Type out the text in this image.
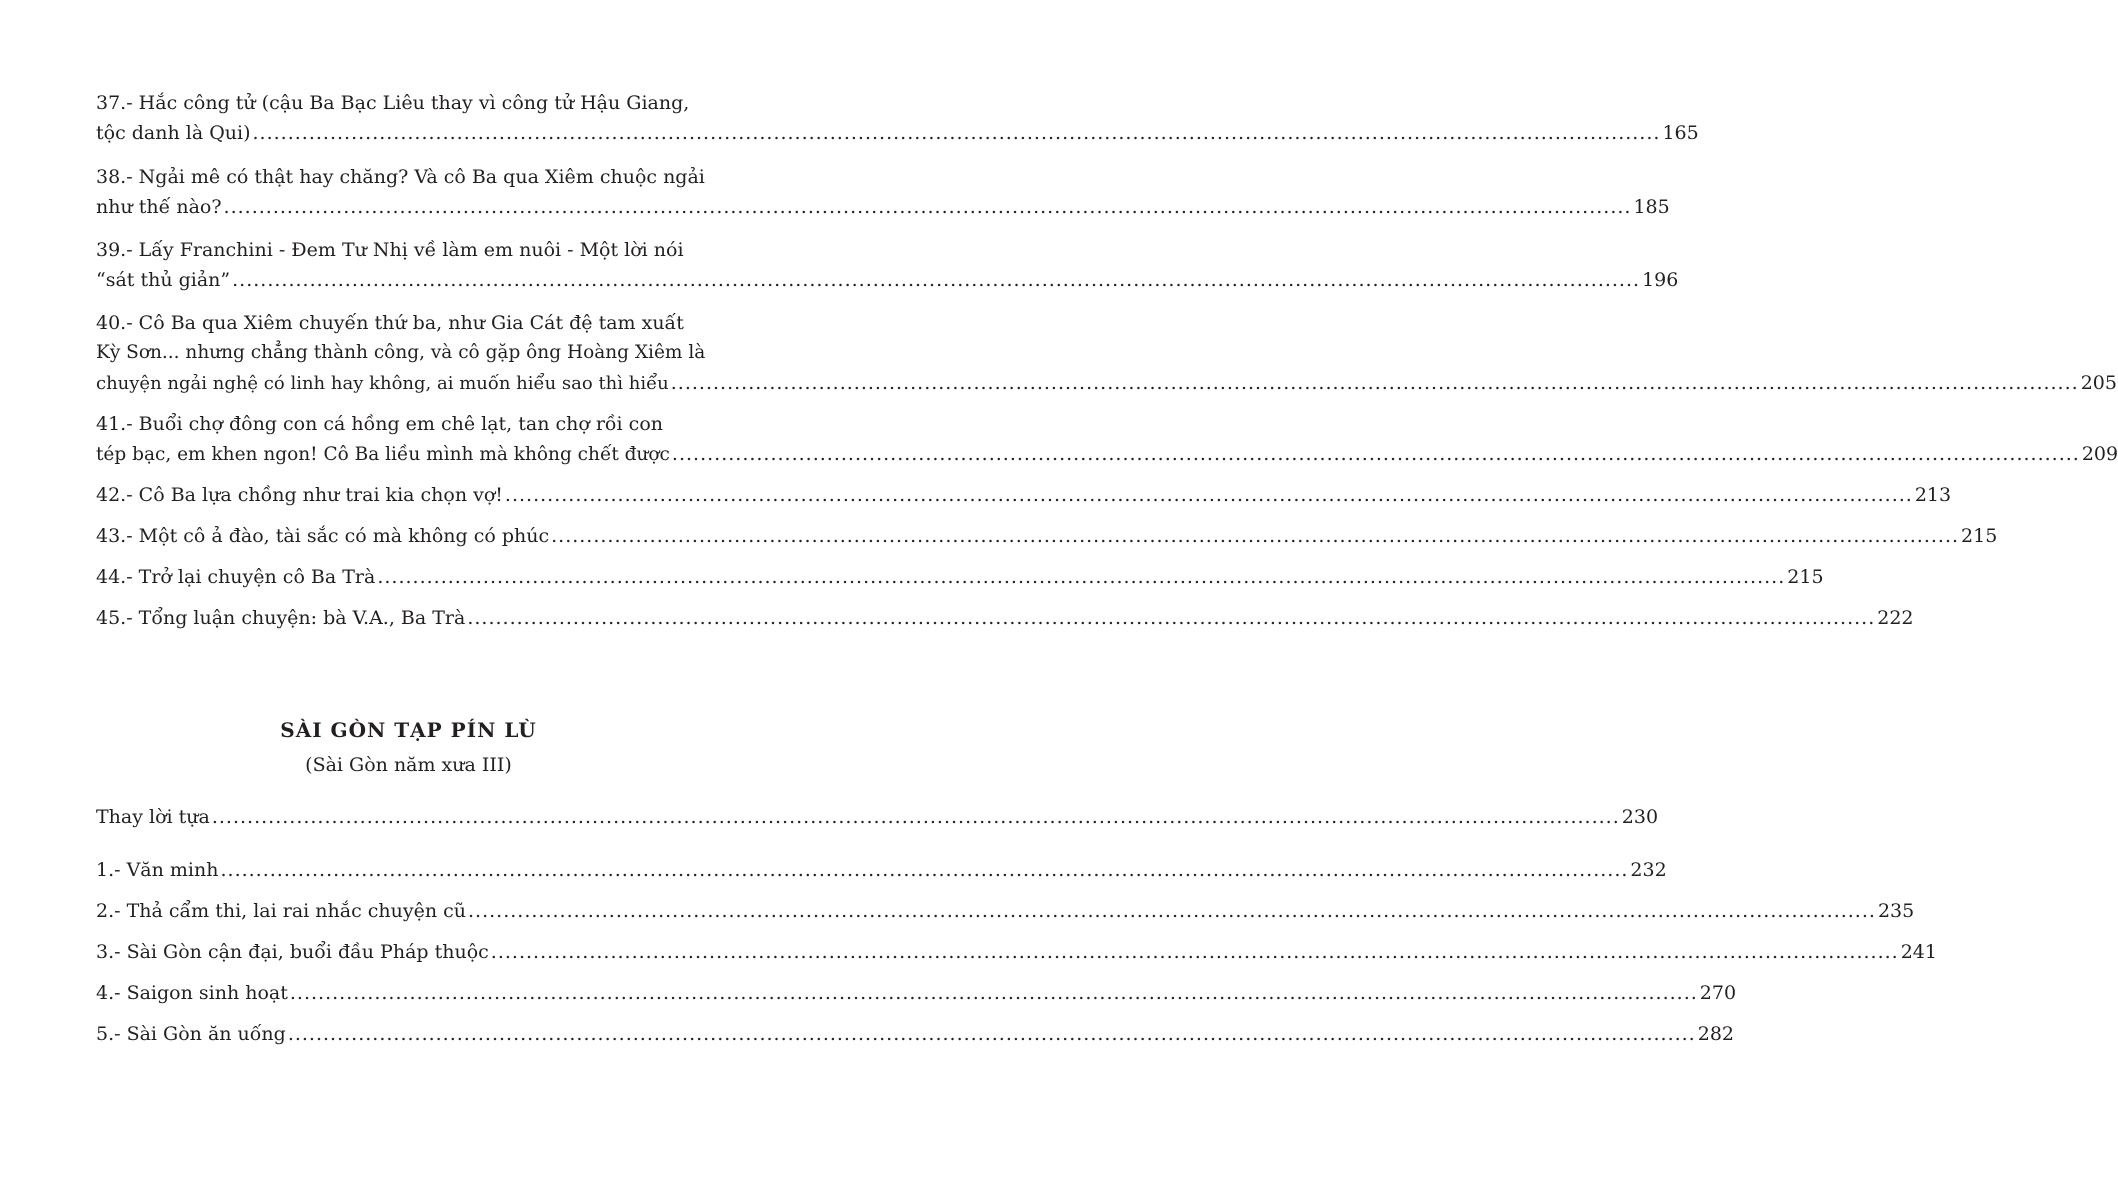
37.- Hắc công tử (cậu Ba Bạc Liêu thay vì công tử Hậu Giang,
tộc danh là Qui) ........................................................................................................................................................................................................ 165
38.- Ngải mê có thật hay chăng? Và cô Ba qua Xiêm chuộc ngải
như thế nào? ........................................................................................................................................................................................................ 185
39.- Lấy Franchini - Đem Tư Nhị về làm em nuôi - Một lời nói
“sát thủ giản” ........................................................................................................................................................................................................ 196
40.- Cô Ba qua Xiêm chuyến thứ ba, như Gia Cát đệ tam xuất
Kỳ Sơn... nhưng chẳng thành công, và cô gặp ông Hoàng Xiêm là
chuyện ngải nghệ có linh hay không, ai muốn hiểu sao thì hiểu ........................................................................................................................................................................................................ 205
41.- Buổi chợ đông con cá hồng em chê lạt, tan chợ rồi con
tép bạc, em khen ngon! Cô Ba liều mình mà không chết được ........................................................................................................................................................................................................ 209
42.- Cô Ba lựa chồng như trai kia chọn vợ! ........................................................................................................................................................................................................ 213
43.- Một cô ả đào, tài sắc có mà không có phúc ........................................................................................................................................................................................................ 215
44.- Trở lại chuyện cô Ba Trà ........................................................................................................................................................................................................ 215
45.- Tổng luận chuyện: bà V.A., Ba Trà ........................................................................................................................................................................................................ 222

SÀI GÒN TẠP PÍN LÙ

(Sài Gòn năm xưa III)

Thay lời tựa ........................................................................................................................................................................................................ 230
1.- Văn minh ........................................................................................................................................................................................................ 232
2.- Thả cẩm thi, lai rai nhắc chuyện cũ ........................................................................................................................................................................................................ 235
3.- Sài Gòn cận đại, buổi đầu Pháp thuộc ........................................................................................................................................................................................................ 241
4.- Saigon sinh hoạt ........................................................................................................................................................................................................ 270
5.- Sài Gòn ăn uống ........................................................................................................................................................................................................ 282
